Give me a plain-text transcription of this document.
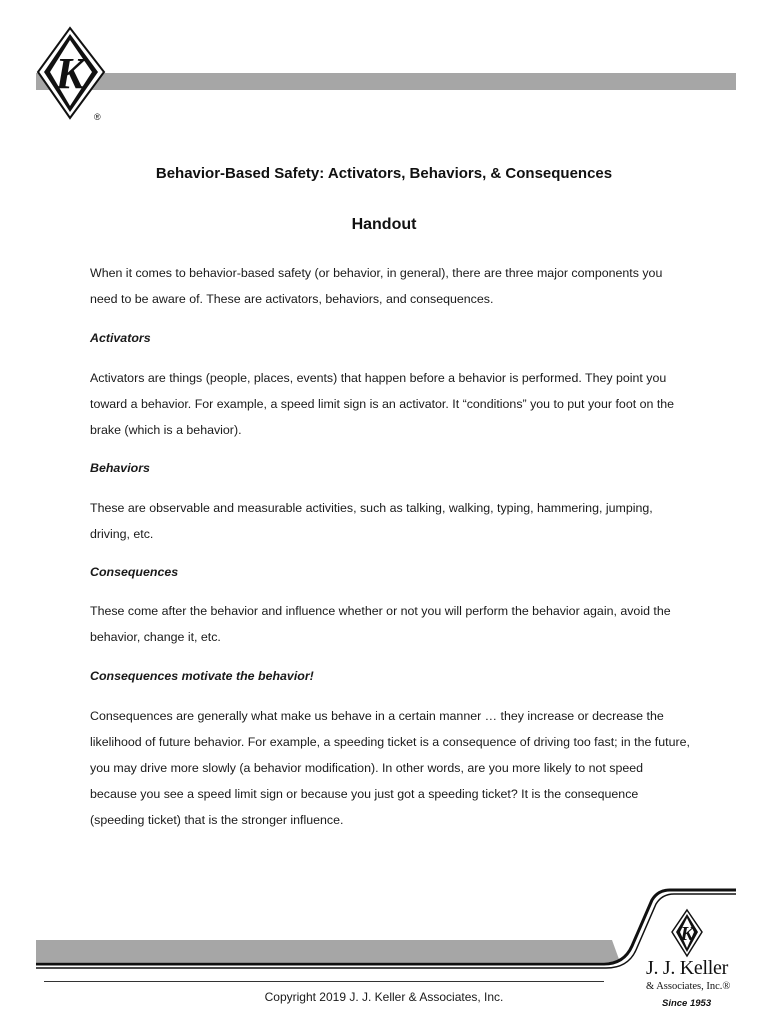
K
®
Behavior-Based Safety: Activators, Behaviors, & Consequences
Handout
When it comes to behavior-based safety (or behavior, in general), there are three major components you need to be aware of. These are activators, behaviors, and consequences.
Activators
Activators are things (people, places, events) that happen before a behavior is performed. They point you toward a behavior. For example, a speed limit sign is an activator. It “conditions” you to put your foot on the brake (which is a behavior).
Behaviors
These are observable and measurable activities, such as talking, walking, typing, hammering, jumping, driving, etc.
Consequences
These come after the behavior and influence whether or not you will perform the behavior again, avoid the behavior, change it, etc.
Consequences motivate the behavior!
Consequences are generally what make us behave in a certain manner … they increase or decrease the likelihood of future behavior. For example, a speeding ticket is a consequence of driving too fast; in the future, you may drive more slowly (a behavior modification). In other words, are you more likely to not speed because you see a speed limit sign or because you just got a speeding ticket? It is the consequence (speeding ticket) that is the stronger influence.
K
J. J. Keller
& Associates, Inc.®
Since 1953
Copyright 2019 J. J. Keller & Associates, Inc.
